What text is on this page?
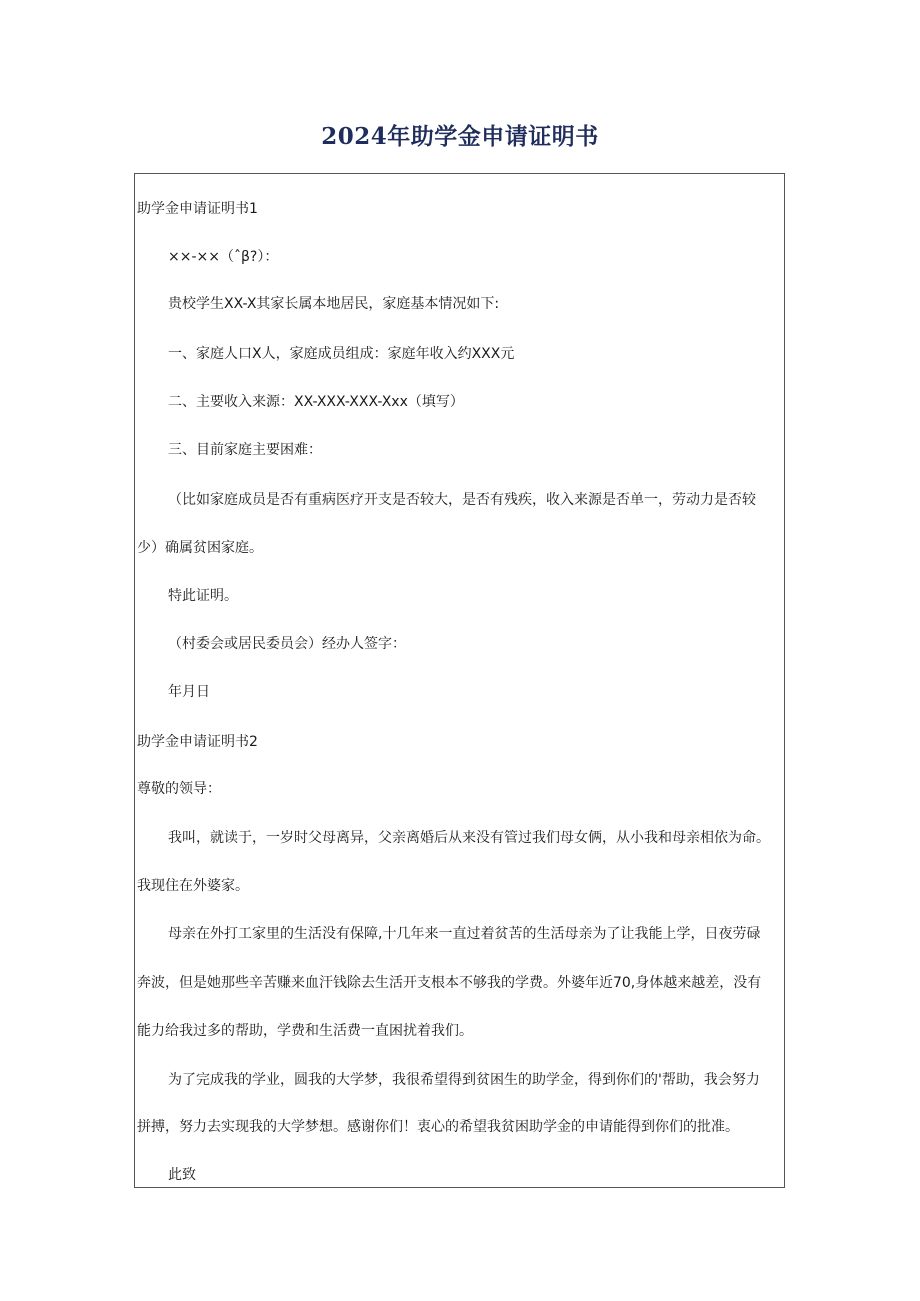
2024年助学金申请证明书
助学金申请证明书1
××-××（ˆβ?）：
贵校学生XX-X其家长属本地居民，家庭基本情况如下:
一、家庭人口X人，家庭成员组成：家庭年收入约XXX元
二、主要收入来源：XX-XXX-XXX-Xxx（填写）
三、目前家庭主要困难：
（比如家庭成员是否有重病医疗开支是否较大，是否有残疾，收入来源是否单一，劳动力是否较
少）确属贫困家庭。
特此证明。
（村委会或居民委员会）经办人签字：
年月日
助学金申请证明书2
尊敬的领导：
我叫，就读于，一岁时父母离异，父亲离婚后从来没有管过我们母女俩，从小我和母亲相依为命。
我现住在外婆家。
母亲在外打工家里的生活没有保障,十几年来一直过着贫苦的生活母亲为了让我能上学，日夜劳碌
奔波，但是她那些辛苦赚来血汗钱除去生活开支根本不够我的学费。外婆年近70,身体越来越差，没有
能力给我过多的帮助，学费和生活费一直困扰着我们。
为了完成我的学业，圆我的大学梦，我很希望得到贫困生的助学金，得到你们的'帮助，我会努力
拼搏，努力去实现我的大学梦想。感谢你们！衷心的希望我贫困助学金的申请能得到你们的批准。
此致
